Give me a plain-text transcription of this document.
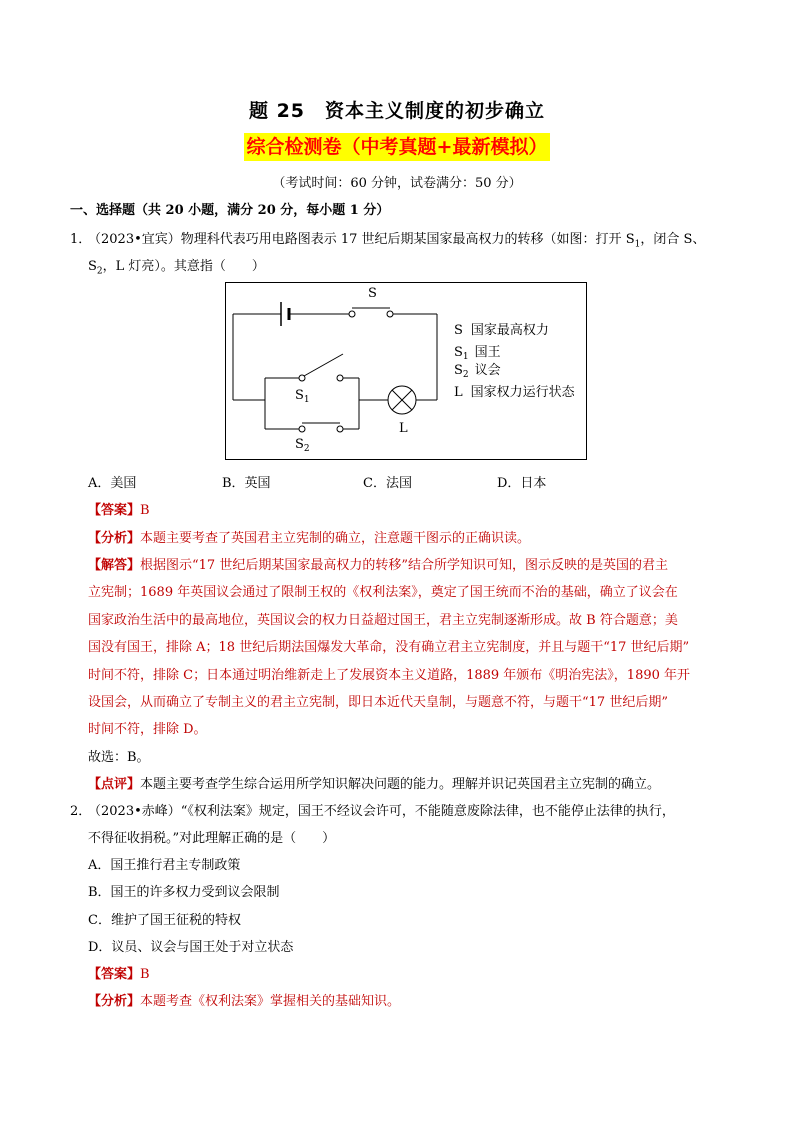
题 25　资本主义制度的初步确立
综合检测卷（中考真题+最新模拟）
（考试时间：60 分钟，试卷满分：50 分）
一、选择题（共 20 小题，满分 20 分，每小题 1 分）
1．
（2023•宜宾）物理科代表巧用电路图表示 17 世纪后期某国家最高权力的转移（如图：打开 $S_1$，闭合 S、
$S_2$，L 灯亮）。其意指（　　）
S
$S_1$
$S_2$
L
S 国家最高权力
$S_1$ 国王
$S_2$ 议会
L 国家权力运行状态
A．美国	B．英国	C．法国	D．日本
【答案】B
【分析】本题主要考查了英国君主立宪制的确立，注意题干图示的正确识读。
【解答】根据图示“17 世纪后期某国家最高权力的转移”结合所学知识可知，图示反映的是英国的君主
立宪制；1689 年英国议会通过了限制王权的《权利法案》，奠定了国王统而不治的基础，确立了议会在
国家政治生活中的最高地位，英国议会的权力日益超过国王，君主立宪制逐渐形成。故 B 符合题意；美
国没有国王，排除 A；18 世纪后期法国爆发大革命，没有确立君主立宪制度，并且与题干“17 世纪后期”
时间不符，排除 C；日本通过明治维新走上了发展资本主义道路，1889 年颁布《明治宪法》，1890 年开
设国会，从而确立了专制主义的君主立宪制，即日本近代天皇制，与题意不符，与题干“17 世纪后期”
时间不符，排除 D。
故选：B。
【点评】本题主要考查学生综合运用所学知识解决问题的能力。理解并识记英国君主立宪制的确立。
2．
（2023•赤峰）“《权利法案》规定，国王不经议会许可，不能随意废除法律，也不能停止法律的执行，
不得征收捐税。”对此理解正确的是（　　）
A．国王推行君主专制政策
B．国王的许多权力受到议会限制
C．维护了国王征税的特权
D．议员、议会与国王处于对立状态
【答案】B
【分析】本题考查《权利法案》掌握相关的基础知识。
